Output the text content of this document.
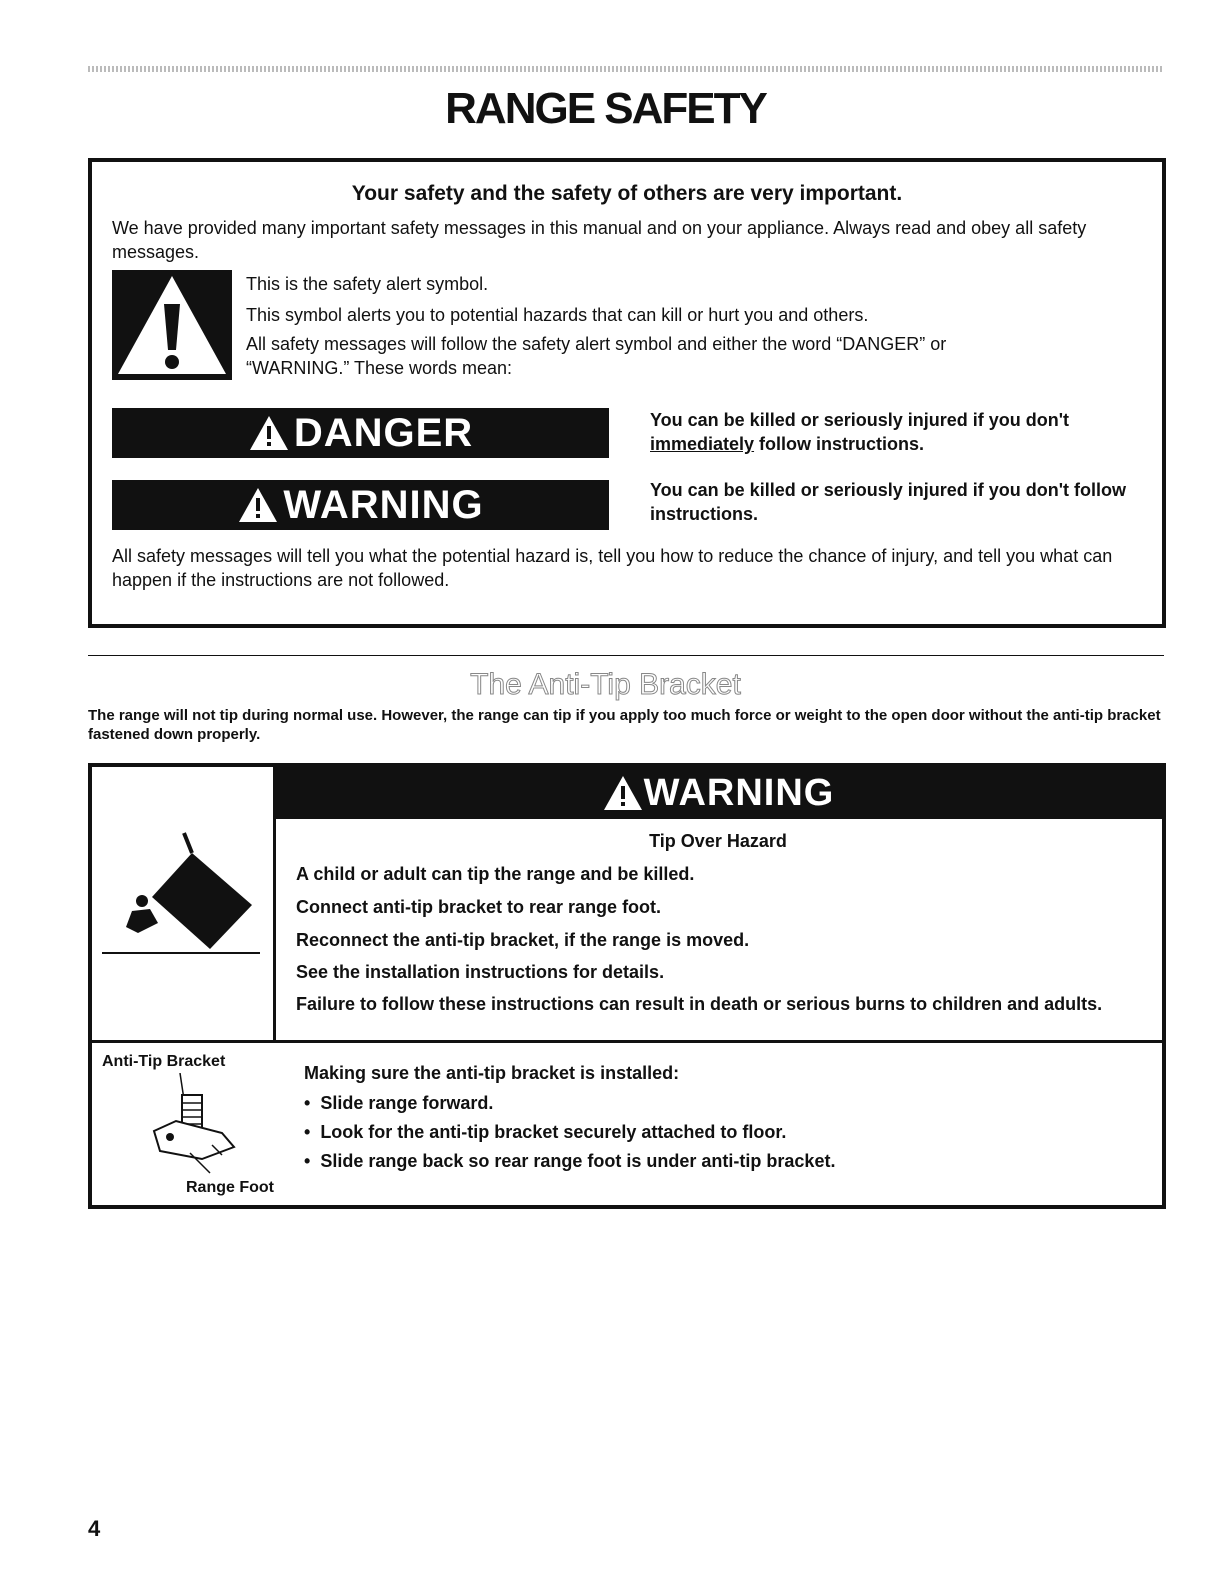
RANGE SAFETY
Your safety and the safety of others are very important.
We have provided many important safety messages in this manual and on your appliance. Always read and obey all safety messages.
This is the safety alert symbol.
This symbol alerts you to potential hazards that can kill or hurt you and others.
All safety messages will follow the safety alert symbol and either the word “DANGER” or
“WARNING.” These words mean:
DANGER	You can be killed or seriously injured if you don't
immediately follow instructions.
WARNING	You can be killed or seriously injured if you don't follow instructions.
All safety messages will tell you what the potential hazard is, tell you how to reduce the chance of injury, and tell you what can happen if the instructions are not followed.
The Anti-Tip Bracket
The range will not tip during normal use. However, the range can tip if you apply too much force or weight to the open door without the anti-tip bracket fastened down properly.
WARNING
Tip Over Hazard
A child or adult can tip the range and be killed.
Connect anti-tip bracket to rear range foot.
Reconnect the anti-tip bracket, if the range is moved.
See the installation instructions for details.
Failure to follow these instructions can result in death or serious burns to children and adults.
Anti-Tip Bracket
Range Foot
Making sure the anti-tip bracket is installed:
•  Slide range forward.
•  Look for the anti-tip bracket securely attached to floor.
•  Slide range back so rear range foot is under anti-tip bracket.
4
